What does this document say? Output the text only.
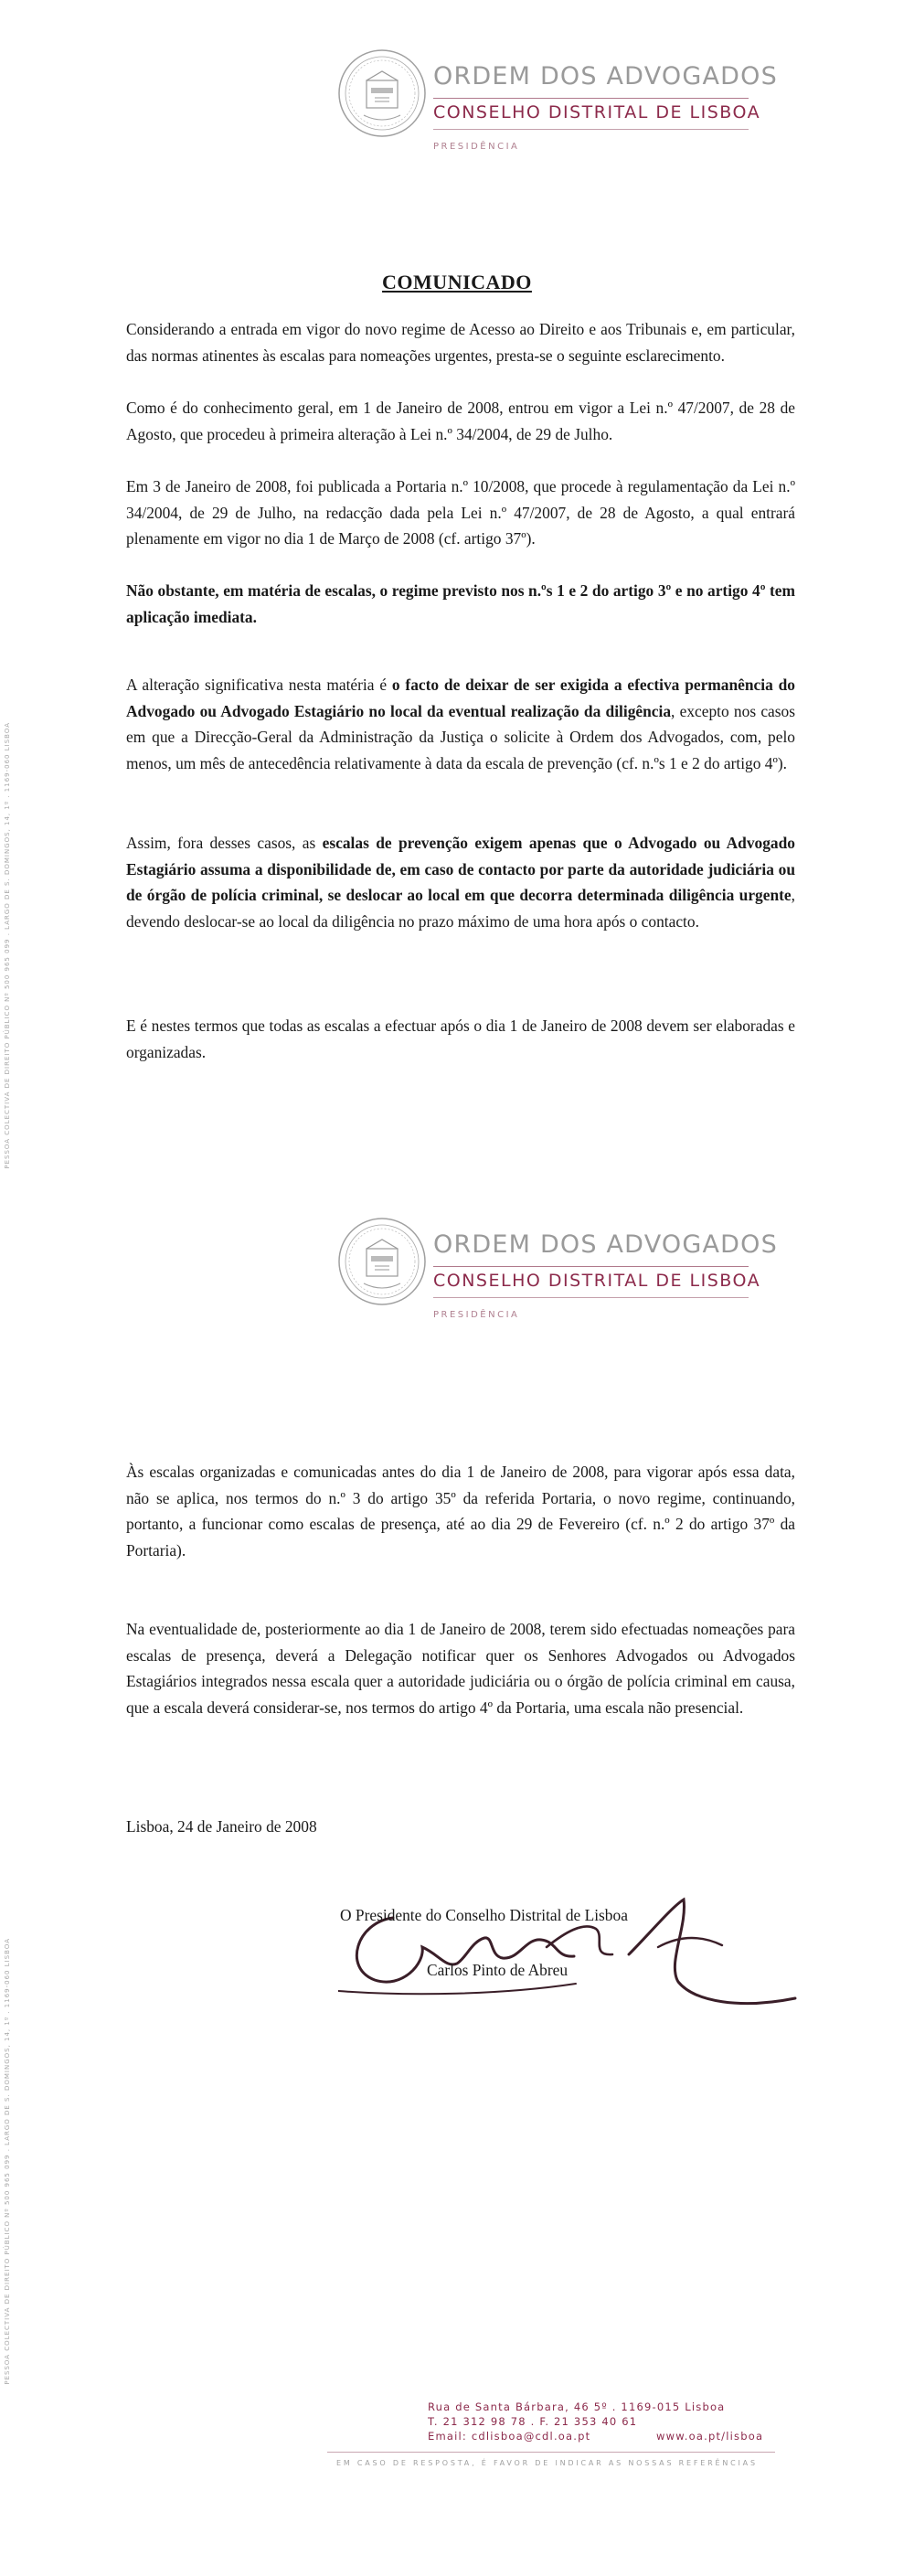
ORDEM DOS ADVOGADOS
CONSELHO DISTRITAL DE LISBOA
PRESIDÊNCIA
PESSOA COLECTIVA DE DIREITO PÚBLICO Nº 500 965 099 . LARGO DE S. DOMINGOS, 14, 1º . 1169-060 LISBOA
COMUNICADO

Considerando a entrada em vigor do novo regime de Acesso ao Direito e aos Tribunais e, em particular, das normas atinentes às escalas para nomeações urgentes, presta-se o seguinte esclarecimento.

Como é do conhecimento geral, em 1 de Janeiro de 2008, entrou em vigor a Lei n.º 47/2007, de 28 de Agosto, que procedeu à primeira alteração à Lei n.º 34/2004, de 29 de Julho.

Em 3 de Janeiro de 2008, foi publicada a Portaria n.º 10/2008, que procede à regulamentação da Lei n.º 34/2004, de 29 de Julho, na redacção dada pela Lei n.º 47/2007, de 28 de Agosto, a qual entrará plenamente em vigor no dia 1 de Março de 2008 (cf. artigo 37º).

Não obstante, em matéria de escalas, o regime previsto nos n.ºs 1 e 2 do artigo 3º e no artigo 4º tem aplicação imediata.

A alteração significativa nesta matéria é o facto de deixar de ser exigida a efectiva permanência do Advogado ou Advogado Estagiário no local da eventual realização da diligência, excepto nos casos em que a Direcção-Geral da Administração da Justiça o solicite à Ordem dos Advogados, com, pelo menos, um mês de antecedência relativamente à data da escala de prevenção (cf. n.ºs 1 e 2 do artigo 4º).

Assim, fora desses casos, as escalas de prevenção exigem apenas que o Advogado ou Advogado Estagiário assuma a disponibilidade de, em caso de contacto por parte da autoridade judiciária ou de órgão de polícia criminal, se deslocar ao local em que decorra determinada diligência urgente, devendo deslocar-se ao local da diligência no prazo máximo de uma hora após o contacto.

E é nestes termos que todas as escalas a efectuar após o dia 1 de Janeiro de 2008 devem ser elaboradas e organizadas.

ORDEM DOS ADVOGADOS
CONSELHO DISTRITAL DE LISBOA
PRESIDÊNCIA
PESSOA COLECTIVA DE DIREITO PÚBLICO Nº 500 965 099 . LARGO DE S. DOMINGOS, 14, 1º . 1169-060 LISBOA

Às escalas organizadas e comunicadas antes do dia 1 de Janeiro de 2008, para vigorar após essa data, não se aplica, nos termos do n.º 3 do artigo 35º da referida Portaria, o novo regime, continuando, portanto, a funcionar como escalas de presença, até ao dia 29 de Fevereiro (cf. n.º 2 do artigo 37º da Portaria).

Na eventualidade de, posteriormente ao dia 1 de Janeiro de 2008, terem sido efectuadas nomeações para escalas de presença, deverá a Delegação notificar quer os Senhores Advogados ou Advogados Estagiários integrados nessa escala quer a autoridade judiciária ou o órgão de polícia criminal em causa, que a escala deverá considerar-se, nos termos do artigo 4º da Portaria, uma escala não presencial.

Lisboa, 24 de Janeiro de 2008
O Presidente do Conselho Distrital de Lisboa
Carlos Pinto de Abreu
Rua de Santa Bárbara, 46 5º . 1169-015 Lisboa
T. 21 312 98 78 . F. 21 353 40 61
Email: cdlisboa@cdl.oa.pt	www.oa.pt/lisboa
EM CASO DE RESPOSTA, É FAVOR DE INDICAR AS NOSSAS REFERÊNCIAS
